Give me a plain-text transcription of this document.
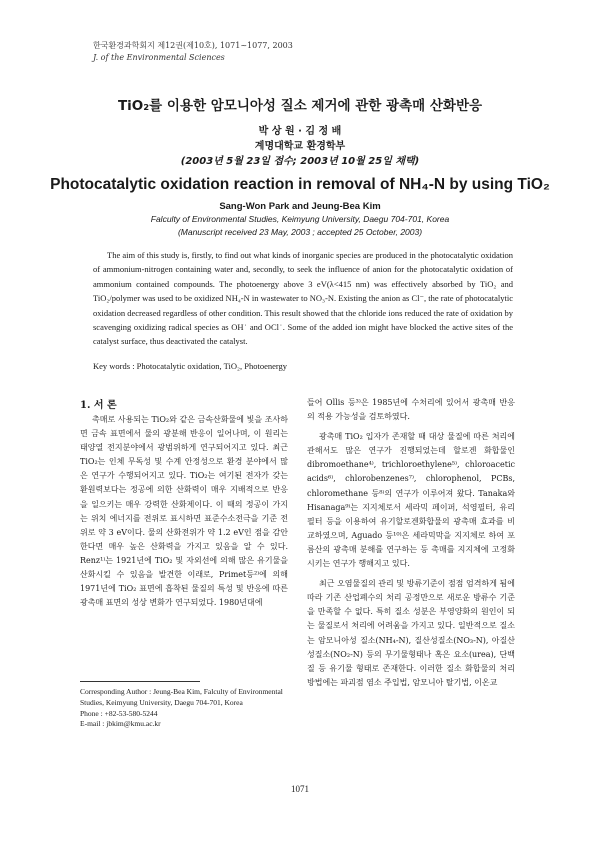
한국환경과학회지 제12권(제10호), 1071~1077, 2003
J. of the Environmental Sciences
TiO₂를 이용한 암모니아성 질소 제거에 관한 광촉매 산화반응
박 상 원 · 김 정 배
계명대학교 환경학부
(2003년 5월 23일 접수; 2003년 10월 25일 채택)
Photocatalytic oxidation reaction in removal of NH₄-N by using TiO₂
Sang-Won Park and Jeung-Bea Kim
Falculty of Environmental Studies, Keimyung University, Daegu 704-701, Korea
(Manuscript received 23 May, 2003 ; accepted 25 October, 2003)
The aim of this study is, firstly, to find out what kinds of inorganic species are produced in the photocatalytic oxidation of ammonium-nitrogen containing water and, secondly, to seek the influence of anion for the photocatalytic oxidation of ammonium contained compounds. The photoenergy above 3 eV(λ<415 nm) was effectively absorbed by TiO₂ and TiO₂/polymer was used to be oxidized NH₄-N in wastewater to NO₃-N. Existing the anion as Cl⁻, the rate of photocatalytic oxidation decreased regardless of other condition. This result showed that the chloride ions reduced the rate of oxidation by scavenging oxidizing radical species as OH˙ and OCl˙. Some of the added ion might have blocked the active sites of the catalyst surface, thus deactivated the catalyst.
Key words : Photocatalytic oxidation, TiO₂, Photoenergy
1. 서 론

촉매로 사용되는 TiO₂와 같은 금속산화물에 빛을 조사하면 금속 표면에서 물의 광분해 반응이 일어나며, 이 원리는 태양열 전지분야에서 광범위하게 연구되어지고 있다. 최근 TiO₂는 인체 무독성 및 수계 안정성으로 환경 분야에서 많은 연구가 수행되어지고 있다. TiO₂는 여기된 전자가 갖는 환원력보다는 정공에 의한 산화력이 매우 지배적으로 반응을 일으키는 매우 강력한 산화제이다. 이 때의 정공이 가지는 위치 에너지를 전위로 표시하면 표준수소전극을 기준 전위로 약 3 eV이다. 물의 산화전위가 약 1.2 eV인 점을 감안한다면 매우 높은 산화력을 가지고 있음을 알 수 있다. Renz¹⁾는 1921년에 TiO₂ 및 자외선에 의해 많은 유기물을 산화시킬 수 있음을 발견한 이래로, Primet등²⁾에 의해 1971년에 TiO₂ 표면에 흡착된 물질의 특성 및 반응에 따른 광촉매 표면의 성상 변화가 연구되었다. 1980년대에

들어 Ollis 등³⁾은 1985년에 수처리에 있어서 광촉매 반응의 적용 가능성을 검토하였다.

광촉매 TiO₂ 입자가 존재할 때 대상 물질에 따른 처리에 관해서도 많은 연구가 진행되었는데 할로겐 화합물인 dibromoethane⁴⁾, trichloroethylene⁵⁾, chloroacetic acids⁶⁾, chlorobenzenes⁷⁾, chlorophenol, PCBs, chloromethane 등⁸⁾의 연구가 이루어져 왔다. Tanaka와 Hisanaga⁹⁾는 지지체로서 세라믹 페이퍼, 석영필터, 유리필터 등을 이용하여 유기할로겐화합물의 광촉매 효과를 비교하였으며, Aguado 등¹⁰⁾은 세라믹막을 지지체로 하여 포름산의 광촉매 분해를 연구하는 등 촉매를 지지체에 고정화 시키는 연구가 행해지고 있다.

최근 오염물질의 관리 및 방류기준이 점점 엄격하게 됨에 따라 기존 산업폐수의 처리 공정만으로 새로운 방류수 기준을 만족할 수 없다. 특히 질소 성분은 부영양화의 원인이 되는 물질로서 처리에 어려움을 가지고 있다. 일반적으로 질소는 암모니아성 질소(NH₄-N), 질산성질소(NO₃-N), 아질산성질소(NO₂-N) 등의 무기물형태나 혹은 요소(urea), 단백질 등 유기물 형태로 존재한다. 이러한 질소 화합물의 처리 방법에는 파괴점 염소 주입법, 암모니아 탈기법, 이온교

Corresponding Author : Jeung-Bea Kim, Falculty of Environmental Studies, Keimyung University, Daegu 704-701, Korea
Phone : +82-53-580-5244
E-mail : jbkim@kmu.ac.kr
1071
